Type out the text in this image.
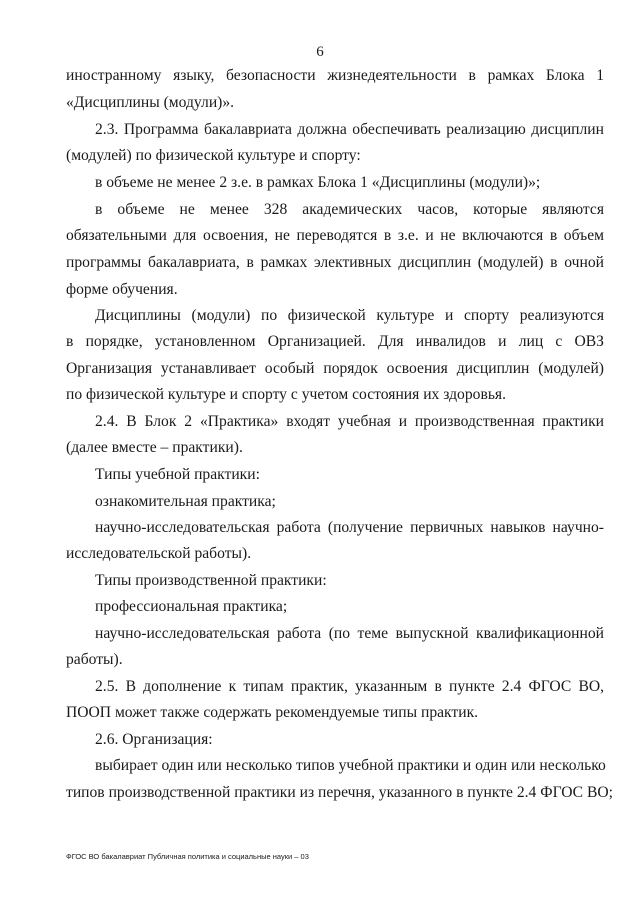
6
иностранному языку, безопасности жизнедеятельности в рамках Блока 1
«Дисциплины (модули)».
2.3. Программа бакалавриата должна обеспечивать реализацию дисциплин
(модулей) по физической культуре и спорту:
в объеме не менее 2 з.е. в рамках Блока 1 «Дисциплины (модули)»;
в объеме не менее 328 академических часов, которые являются
обязательными для освоения, не переводятся в з.е. и не включаются в объем
программы бакалавриата, в рамках элективных дисциплин (модулей) в очной
форме обучения.
Дисциплины (модули) по физической культуре и спорту реализуются
в порядке, установленном Организацией. Для инвалидов и лиц с ОВЗ
Организация устанавливает особый порядок освоения дисциплин (модулей)
по физической культуре и спорту с учетом состояния их здоровья.
2.4. В Блок 2 «Практика» входят учебная и производственная практики
(далее вместе – практики).
Типы учебной практики:
ознакомительная практика;
научно-исследовательская работа (получение первичных навыков научно-
исследовательской работы).
Типы производственной практики:
профессиональная практика;
научно-исследовательская работа (по теме выпускной квалификационной
работы).
2.5. В дополнение к типам практик, указанным в пункте 2.4 ФГОС ВО,
ПООП может также содержать рекомендуемые типы практик.
2.6. Организация:
выбирает один или несколько типов учебной практики и один или несколько
типов производственной практики из перечня, указанного в пункте 2.4 ФГОС ВО;
ФГОС ВО бакалавриат Публичная политика и социальные науки – 03
